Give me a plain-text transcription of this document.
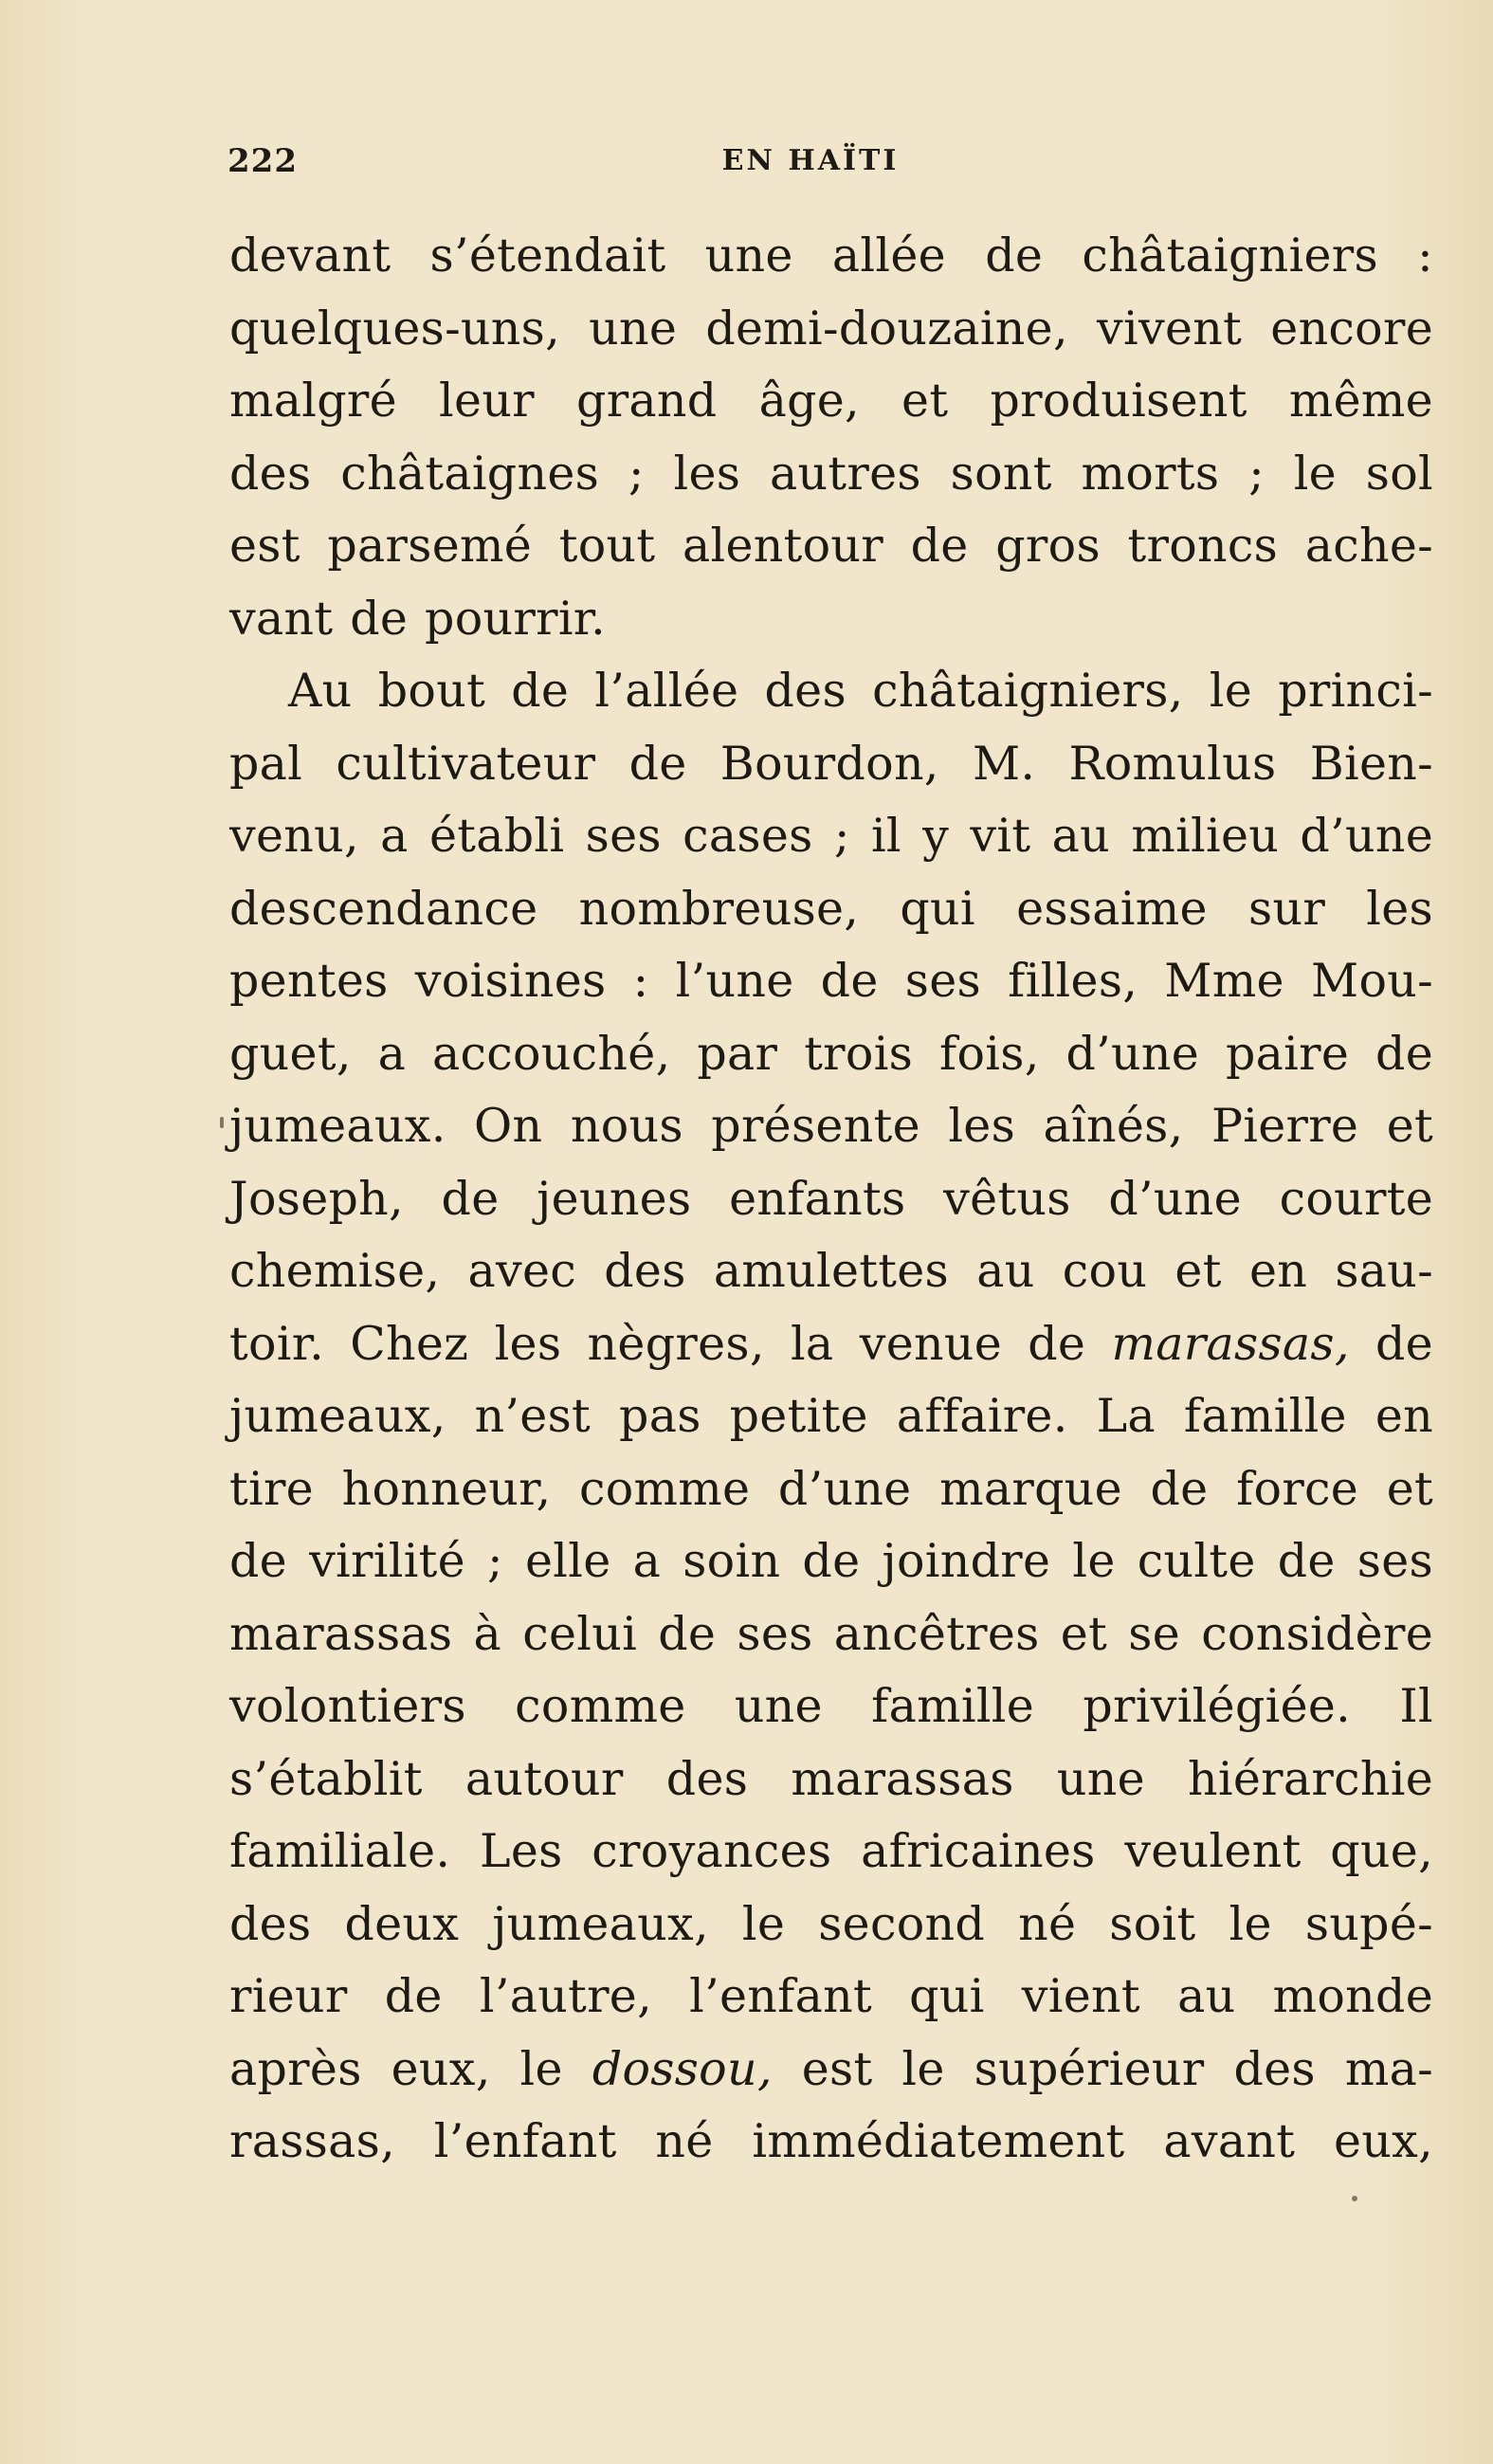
222	EN HAÏTI
devant s’étendait une allée de châtaigniers :
quelques-uns, une demi-douzaine, vivent encore
malgré leur grand âge, et produisent même
des châtaignes ; les autres sont morts ; le sol
est parsemé tout alentour de gros troncs ache-
vant de pourrir.
Au bout de l’allée des châtaigniers, le princi-
pal cultivateur de Bourdon, M. Romulus Bien-
venu, a établi ses cases ; il y vit au milieu d’une
descendance nombreuse, qui essaime sur les
pentes voisines : l’une de ses filles, Mme Mou-
guet, a accouché, par trois fois, d’une paire de
jumeaux. On nous présente les aînés, Pierre et
Joseph, de jeunes enfants vêtus d’une courte
chemise, avec des amulettes au cou et en sau-
toir. Chez les nègres, la venue de marassas, de
jumeaux, n’est pas petite affaire. La famille en
tire honneur, comme d’une marque de force et
de virilité ; elle a soin de joindre le culte de ses
marassas à celui de ses ancêtres et se considère
volontiers comme une famille privilégiée. Il
s’établit autour des marassas une hiérarchie
familiale. Les croyances africaines veulent que,
des deux jumeaux, le second né soit le supé-
rieur de l’autre, l’enfant qui vient au monde
après eux, le dossou, est le supérieur des ma-
rassas, l’enfant né immédiatement avant eux,
